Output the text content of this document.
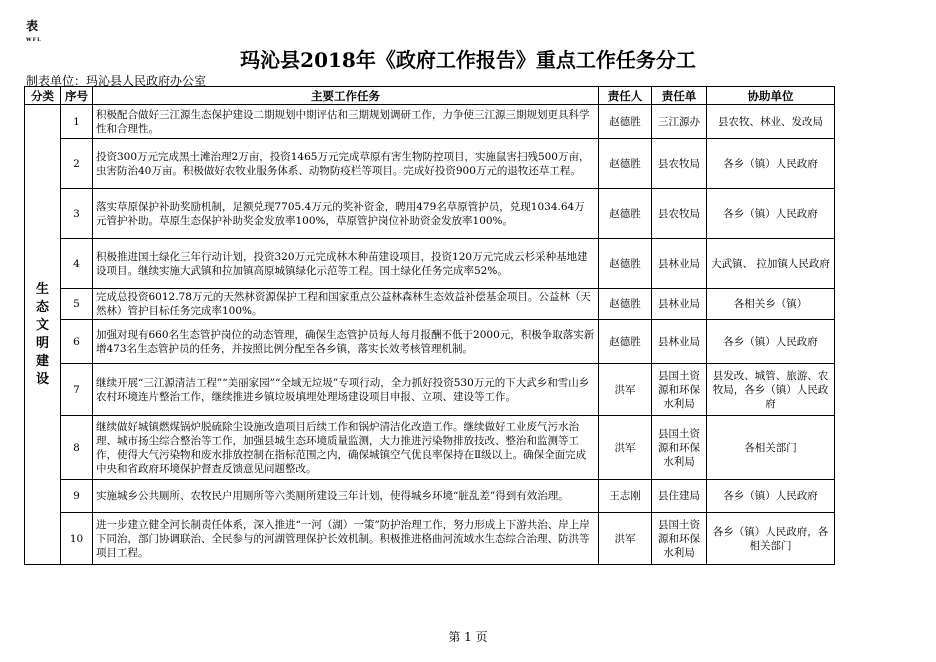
表
WFL
玛沁县2018年《政府工作报告》重点工作任务分工
制表单位：玛沁县人民政府办公室
分类	序号	主要工作任务	责任人	责任单	协助单位

生态文明建设	1	积极配合做好三江源生态保护建设二期规划中期评估和三期规划调研工作，力争使三江源三期规划更具科学性和合理性。	赵德胜	三江源办	县农牧、林业、发改局
	2	投资300万元完成黑土滩治理2万亩，投资1465万元完成草原有害生物防控项目，实施鼠害扫残500万亩，虫害防治40万亩。积极做好农牧业服务体系、动物防疫栏等项目。完成好投资900万元的退牧还草工程。	赵德胜	县农牧局	各乡（镇）人民政府
	3	落实草原保护补助奖励机制，足额兑现7705.4万元的奖补资金，聘用479名草原管护员，兑现1034.64万元管护补助。草原生态保护补助奖金发放率100%，草原管护岗位补助资金发放率100%。	赵德胜	县农牧局	各乡（镇）人民政府
	4	积极推进国土绿化三年行动计划，投资320万元完成林木种苗建设项目，投资120万元完成云杉采种基地建设项目。继续实施大武镇和拉加镇高原城镇绿化示范等工程。国土绿化任务完成率52%。	赵德胜	县林业局	大武镇、 拉加镇人民政府
	5	完成总投资6012.78万元的天然林资源保护工程和国家重点公益林森林生态效益补偿基金项目。公益林（天然林）管护目标任务完成率100%。	赵德胜	县林业局	各相关乡（镇）
	6	加强对现有660名生态管护岗位的动态管理，确保生态管护员每人每月报酬不低于2000元，积极争取落实新增473名生态管护员的任务，并按照比例分配至各乡镇，落实长效考核管理机制。	赵德胜	县林业局	各乡（镇）人民政府
	7	继续开展“三江源清洁工程”“美丽家园”“全域无垃圾”专项行动，全力抓好投资530万元的下大武乡和雪山乡农村环境连片整治工作，继续推进乡镇垃圾填埋处理场建设项目申报、立项、建设等工作。	洪军	县国土资源和环保水利局	县发改、城管、旅游、农牧局，各乡（镇）人民政府
	8	继续做好城镇燃煤锅炉脱硫除尘设施改造项目后续工作和锅炉清洁化改造工作。继续做好工业废气污水治理、城市扬尘综合整治等工作，加强县城生态环境质量监测，大力推进污染物排放技改、整治和监测等工作，使得大气污染物和废水排放控制在指标范围之内，确保城镇空气优良率保持在Ⅱ级以上。确保全面完成中央和省政府环境保护督查反馈意见问题整改。	洪军	县国土资源和环保水利局	各相关部门
	9	实施城乡公共厕所、农牧民户用厕所等六类厕所建设三年计划，使得城乡环境“脏乱差”得到有效治理。	王志刚	县住建局	各乡（镇）人民政府
	10	进一步建立健全河长制责任体系，深入推进“一河（湖）一策”防护治理工作，努力形成上下游共治、岸上岸下同治，部门协调联治、全民参与的河湖管理保护长效机制。积极推进格曲河流域水生态综合治理、防洪等项目工程。	洪军	县国土资源和环保水利局	各乡（镇）人民政府，各相关部门
第 1 页
